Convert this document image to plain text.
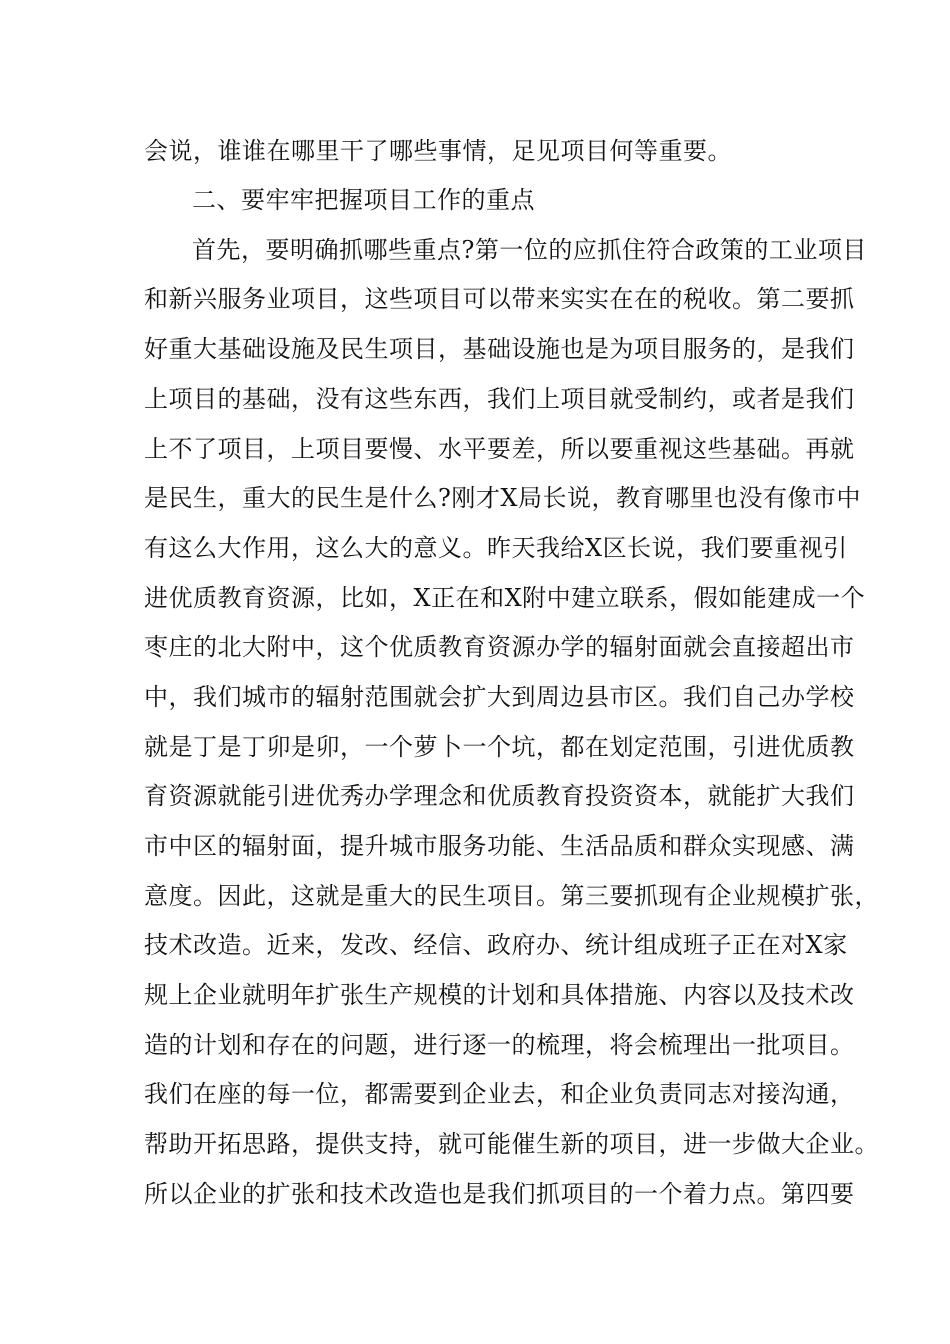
会说，谁谁在哪里干了哪些事情，足见项目何等重要。
二、要牢牢把握项目工作的重点
首先，要明确抓哪些重点?第一位的应抓住符合政策的工业项目
和新兴服务业项目，这些项目可以带来实实在在的税收。第二要抓
好重大基础设施及民生项目，基础设施也是为项目服务的，是我们
上项目的基础，没有这些东西，我们上项目就受制约，或者是我们
上不了项目，上项目要慢、水平要差，所以要重视这些基础。再就
是民生，重大的民生是什么?刚才X局长说，教育哪里也没有像市中
有这么大作用，这么大的意义。昨天我给X区长说，我们要重视引
进优质教育资源，比如，X正在和X附中建立联系，假如能建成一个
枣庄的北大附中，这个优质教育资源办学的辐射面就会直接超出市
中，我们城市的辐射范围就会扩大到周边县市区。我们自己办学校
就是丁是丁卯是卯，一个萝卜一个坑，都在划定范围，引进优质教
育资源就能引进优秀办学理念和优质教育投资资本，就能扩大我们
市中区的辐射面，提升城市服务功能、生活品质和群众实现感、满
意度。因此，这就是重大的民生项目。第三要抓现有企业规模扩张，
技术改造。近来，发改、经信、政府办、统计组成班子正在对X家
规上企业就明年扩张生产规模的计划和具体措施、内容以及技术改
造的计划和存在的问题，进行逐一的梳理，将会梳理出一批项目。
我们在座的每一位，都需要到企业去，和企业负责同志对接沟通，
帮助开拓思路，提供支持，就可能催生新的项目，进一步做大企业。
所以企业的扩张和技术改造也是我们抓项目的一个着力点。第四要
